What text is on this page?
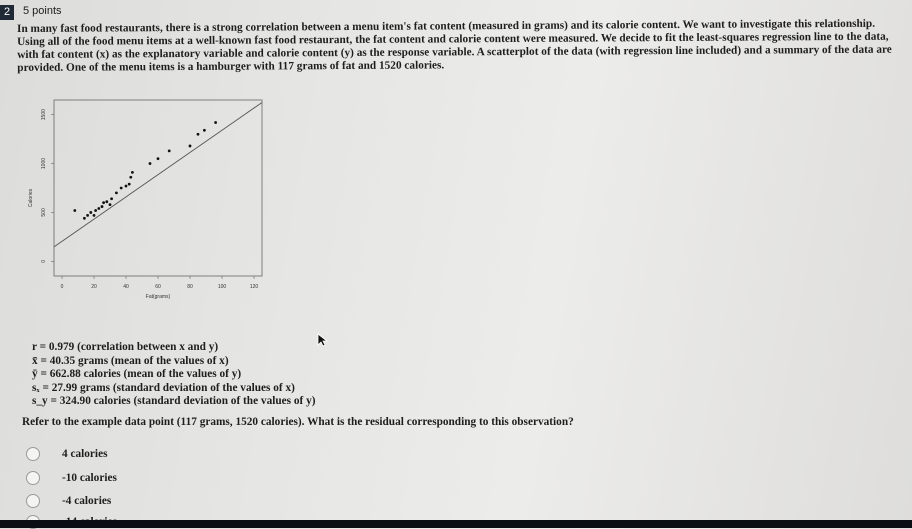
2	5 points
In many fast food restaurants, there is a strong correlation between a menu item's fat content (measured in grams) and its calorie content. We want to investigate this relationship. Using all of the food menu items at a well-known fast food restaurant, the fat content and calorie content were measured. We decide to fit the least-squares regression line to the data, with fat content (x) as the explanatory variable and calorie content (y) as the response variable. A scatterplot of the data (with regression line included) and a summary of the data are provided. One of the menu items is a hamburger with 117 grams of fat and 1520 calories.
0	20	40	60	80	100	120
0
500
1000
1500
Fat(grams)
Calories
r = 0.979 (correlation between x and y)
x̄ = 40.35 grams (mean of the values of x)
ȳ = 662.88 calories (mean of the values of y)
sₓ = 27.99 grams (standard deviation of the values of x)
s_y = 324.90 calories (standard deviation of the values of y)
Refer to the example data point (117 grams, 1520 calories). What is the residual corresponding to this observation?
4 calories
-10 calories
-4 calories
